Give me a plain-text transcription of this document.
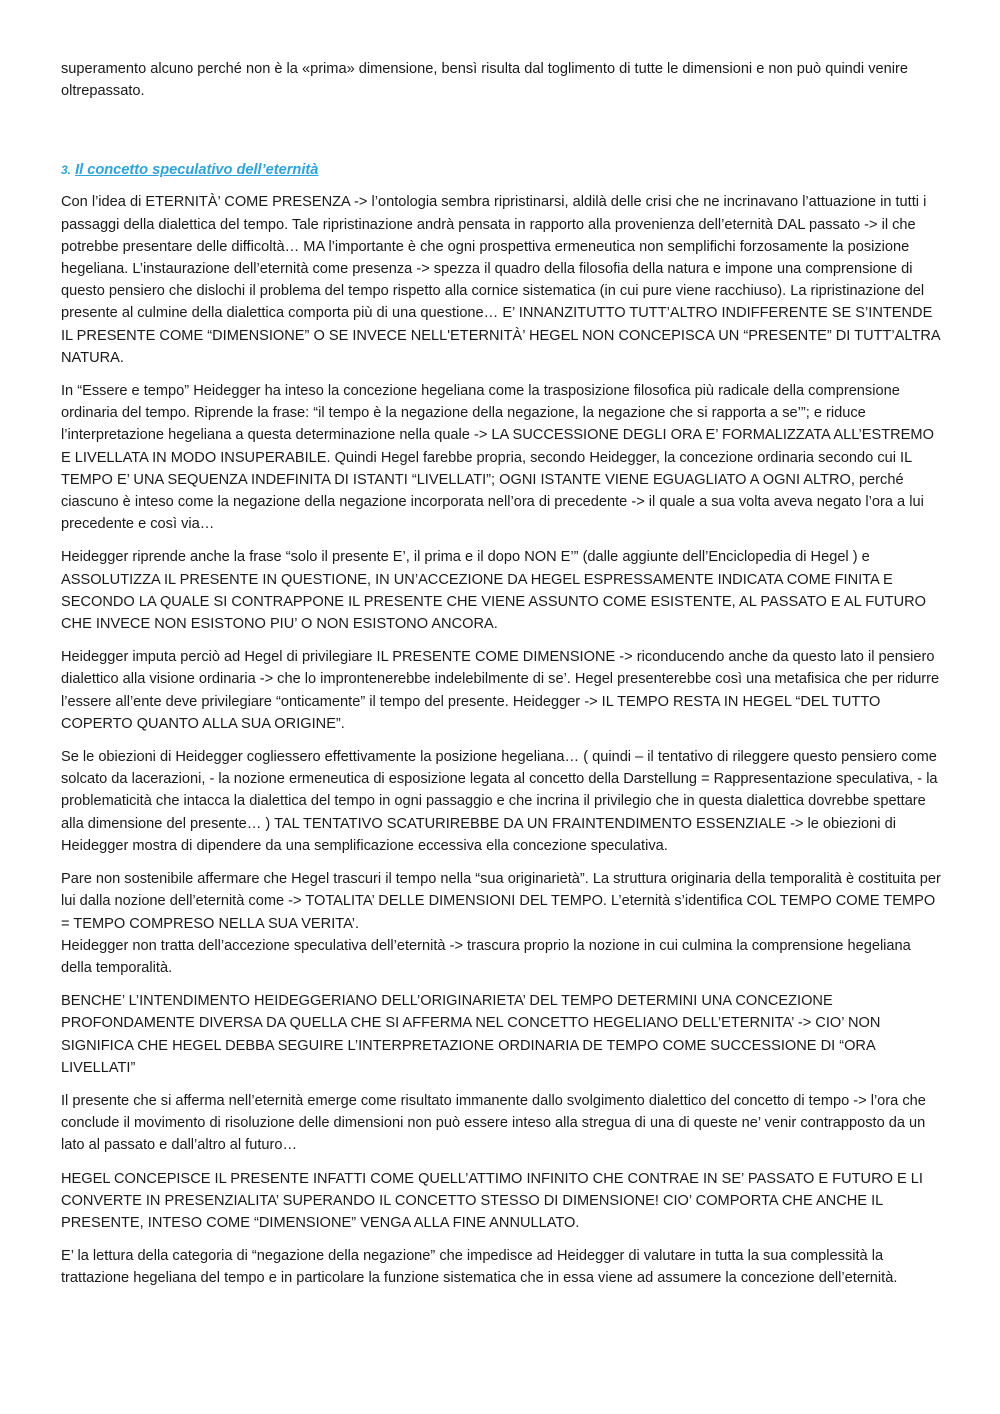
superamento alcuno perché non è la «prima» dimensione, bensì risulta dal toglimento di tutte le dimensioni e non può quindi venire oltrepassato.

3. Il concetto speculativo dell’eternità

Con l’idea di ETERNITÀ’ COME PRESENZA -> l’ontologia sembra ripristinarsi, aldilà delle crisi che ne incrinavano l’attuazione in tutti i passaggi della dialettica del tempo. Tale ripristinazione andrà pensata in rapporto alla provenienza dell’eternità DAL passato -> il che potrebbe presentare delle difficoltà… MA l’importante è che ogni prospettiva ermeneutica non semplifichi forzosamente la posizione hegeliana. L’instaurazione dell’eternità come presenza -> spezza il quadro della filosofia della natura e impone una comprensione di questo pensiero che dislochi il problema del tempo rispetto alla cornice sistematica (in cui pure viene racchiuso). La ripristinazione del presente al culmine della dialettica comporta più di una questione… E’ INNANZITUTTO TUTT’ALTRO INDIFFERENTE SE S’INTENDE IL PRESENTE COME “DIMENSIONE” O SE INVECE NELL'ETERNITÀ’ HEGEL NON CONCEPISCA UN “PRESENTE” DI TUTT’ALTRA NATURA.

In “Essere e tempo” Heidegger ha inteso la concezione hegeliana come la trasposizione filosofica più radicale della comprensione ordinaria del tempo. Riprende la frase: “il tempo è la negazione della negazione, la negazione che si rapporta a se’”; e riduce l’interpretazione hegeliana a questa determinazione nella quale -> LA SUCCESSIONE DEGLI ORA E’ FORMALIZZATA ALL’ESTREMO E LIVELLATA IN MODO INSUPERABILE. Quindi Hegel farebbe propria, secondo Heidegger, la concezione ordinaria secondo cui IL TEMPO E’ UNA SEQUENZA INDEFINITA DI ISTANTI “LIVELLATI”; OGNI ISTANTE VIENE EGUAGLIATO A OGNI ALTRO, perché ciascuno è inteso come la negazione della negazione incorporata nell’ora di precedente -> il quale a sua volta aveva negato l’ora a lui precedente e così via…

Heidegger riprende anche la frase “solo il presente E’, il prima e il dopo NON E’” (dalle aggiunte dell’Enciclopedia di Hegel ) e ASSOLUTIZZA IL PRESENTE IN QUESTIONE, IN UN’ACCEZIONE DA HEGEL ESPRESSAMENTE INDICATA COME FINITA E SECONDO LA QUALE SI CONTRAPPONE IL PRESENTE CHE VIENE ASSUNTO COME ESISTENTE, AL PASSATO E AL FUTURO CHE INVECE NON ESISTONO PIU’ O NON ESISTONO ANCORA.

Heidegger imputa perciò ad Hegel di privilegiare IL PRESENTE COME DIMENSIONE -> riconducendo anche da questo lato il pensiero dialettico alla visione ordinaria -> che lo improntenerebbe indelebilmente di se’. Hegel presenterebbe così una metafisica che per ridurre l’essere all’ente deve privilegiare “onticamente” il tempo del presente. Heidegger -> IL TEMPO RESTA IN HEGEL “DEL TUTTO COPERTO QUANTO ALLA SUA ORIGINE”.

Se le obiezioni di Heidegger cogliessero effettivamente la posizione hegeliana… ( quindi – il tentativo di rileggere questo pensiero come solcato da lacerazioni, - la nozione ermeneutica di esposizione legata al concetto della Darstellung = Rappresentazione speculativa, - la problematicità che intacca la dialettica del tempo in ogni passaggio e che incrina il privilegio che in questa dialettica dovrebbe spettare alla dimensione del presente… ) TAL TENTATIVO SCATURIREBBE DA UN FRAINTENDIMENTO ESSENZIALE -> le obiezioni di Heidegger mostra di dipendere da una semplificazione eccessiva ella concezione speculativa.

Pare non sostenibile affermare che Hegel trascuri il tempo nella “sua originarietà”. La struttura originaria della temporalità è costituita per lui dalla nozione dell’eternità come -> TOTALITA’ DELLE DIMENSIONI DEL TEMPO. L’eternità s’identifica COL TEMPO COME TEMPO = TEMPO COMPRESO NELLA SUA VERITA’.
Heidegger non tratta dell’accezione speculativa dell’eternità -> trascura proprio la nozione in cui culmina la comprensione hegeliana della temporalità.

BENCHE’ L’INTENDIMENTO HEIDEGGERIANO DELL’ORIGINARIETA’ DEL TEMPO DETERMINI UNA CONCEZIONE PROFONDAMENTE DIVERSA DA QUELLA CHE SI AFFERMA NEL CONCETTO HEGELIANO DELL’ETERNITA’ -> CIO’ NON SIGNIFICA CHE HEGEL DEBBA SEGUIRE L’INTERPRETAZIONE ORDINARIA DE TEMPO COME SUCCESSIONE DI “ORA LIVELLATI”

Il presente che si afferma nell’eternità emerge come risultato immanente dallo svolgimento dialettico del concetto di tempo -> l’ora che conclude il movimento di risoluzione delle dimensioni non può essere inteso alla stregua di una di queste ne’ venir contrapposto da un lato al passato e dall’altro al futuro…

HEGEL CONCEPISCE IL PRESENTE INFATTI COME QUELL’ATTIMO INFINITO CHE CONTRAE IN SE’ PASSATO E FUTURO E LI CONVERTE IN PRESENZIALITA’ SUPERANDO IL CONCETTO STESSO DI DIMENSIONE! CIO’ COMPORTA CHE ANCHE IL PRESENTE, INTESO COME “DIMENSIONE” VENGA ALLA FINE ANNULLATO.

E’ la lettura della categoria di “negazione della negazione” che impedisce ad Heidegger di valutare in tutta la sua complessità la trattazione hegeliana del tempo e in particolare la funzione sistematica che in essa viene ad assumere la concezione dell’eternità.
